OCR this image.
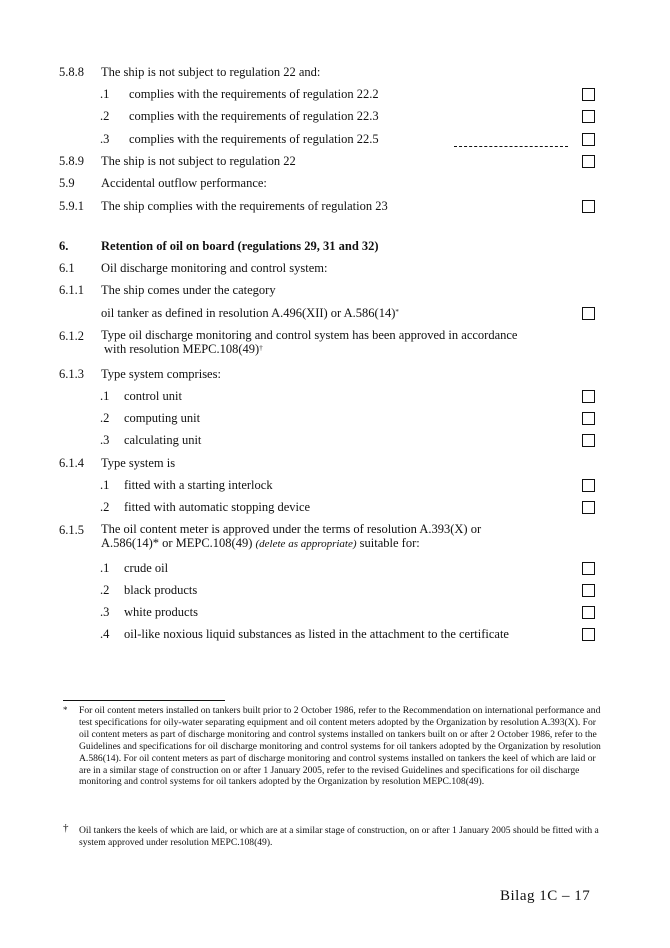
5.8.8 The ship is not subject to regulation 22 and:
.1 complies with the requirements of regulation 22.2
.2 complies with the requirements of regulation 22.3
.3 complies with the requirements of regulation 22.5
5.8.9 The ship is not subject to regulation 22
5.9 Accidental outflow performance:
5.9.1 The ship complies with the requirements of regulation 23
6.	Retention of oil on board (regulations 29, 31 and 32)
6.1 Oil discharge monitoring and control system:
6.1.1 The ship comes under the category
oil tanker as defined in resolution A.496(XII) or A.586(14)*
6.1.2 Type oil discharge monitoring and control system has been approved in accordance
with resolution MEPC.108(49)†
6.1.3 Type system comprises:
.1 control unit
.2 computing unit
.3 calculating unit
6.1.4 Type system is
.1 fitted with a starting interlock
.2 fitted with automatic stopping device
6.1.5 The oil content meter is approved under the terms of resolution A.393(X) or
A.586(14)* or MEPC.108(49) (delete as appropriate) suitable for:
.1 crude oil
.2 black products
.3 white products
.4 oil-like noxious liquid substances as listed in the attachment to the certificate
* For oil content meters installed on tankers built prior to 2 October 1986, refer to the Recommendation on international performance and test specifications for oily-water separating equipment and oil content meters adopted by the Organization by resolution A.393(X). For oil content meters as part of discharge monitoring and control systems installed on tankers built on or after 2 October 1986, refer to the Guidelines and specifications for oil discharge monitoring and control systems for oil tankers adopted by the Organization by resolution A.586(14). For oil content meters as part of discharge monitoring and control systems installed on tankers the keel of which are laid or are in a similar stage of construction on or after 1 January 2005, refer to the revised Guidelines and specifications for oil discharge monitoring and control systems for oil tankers adopted by the Organization by resolution MEPC.108(49).
† Oil tankers the keels of which are laid, or which are at a similar stage of construction, on or after 1 January 2005 should be fitted with a system approved under resolution MEPC.108(49).
Bilag 1C – 17
